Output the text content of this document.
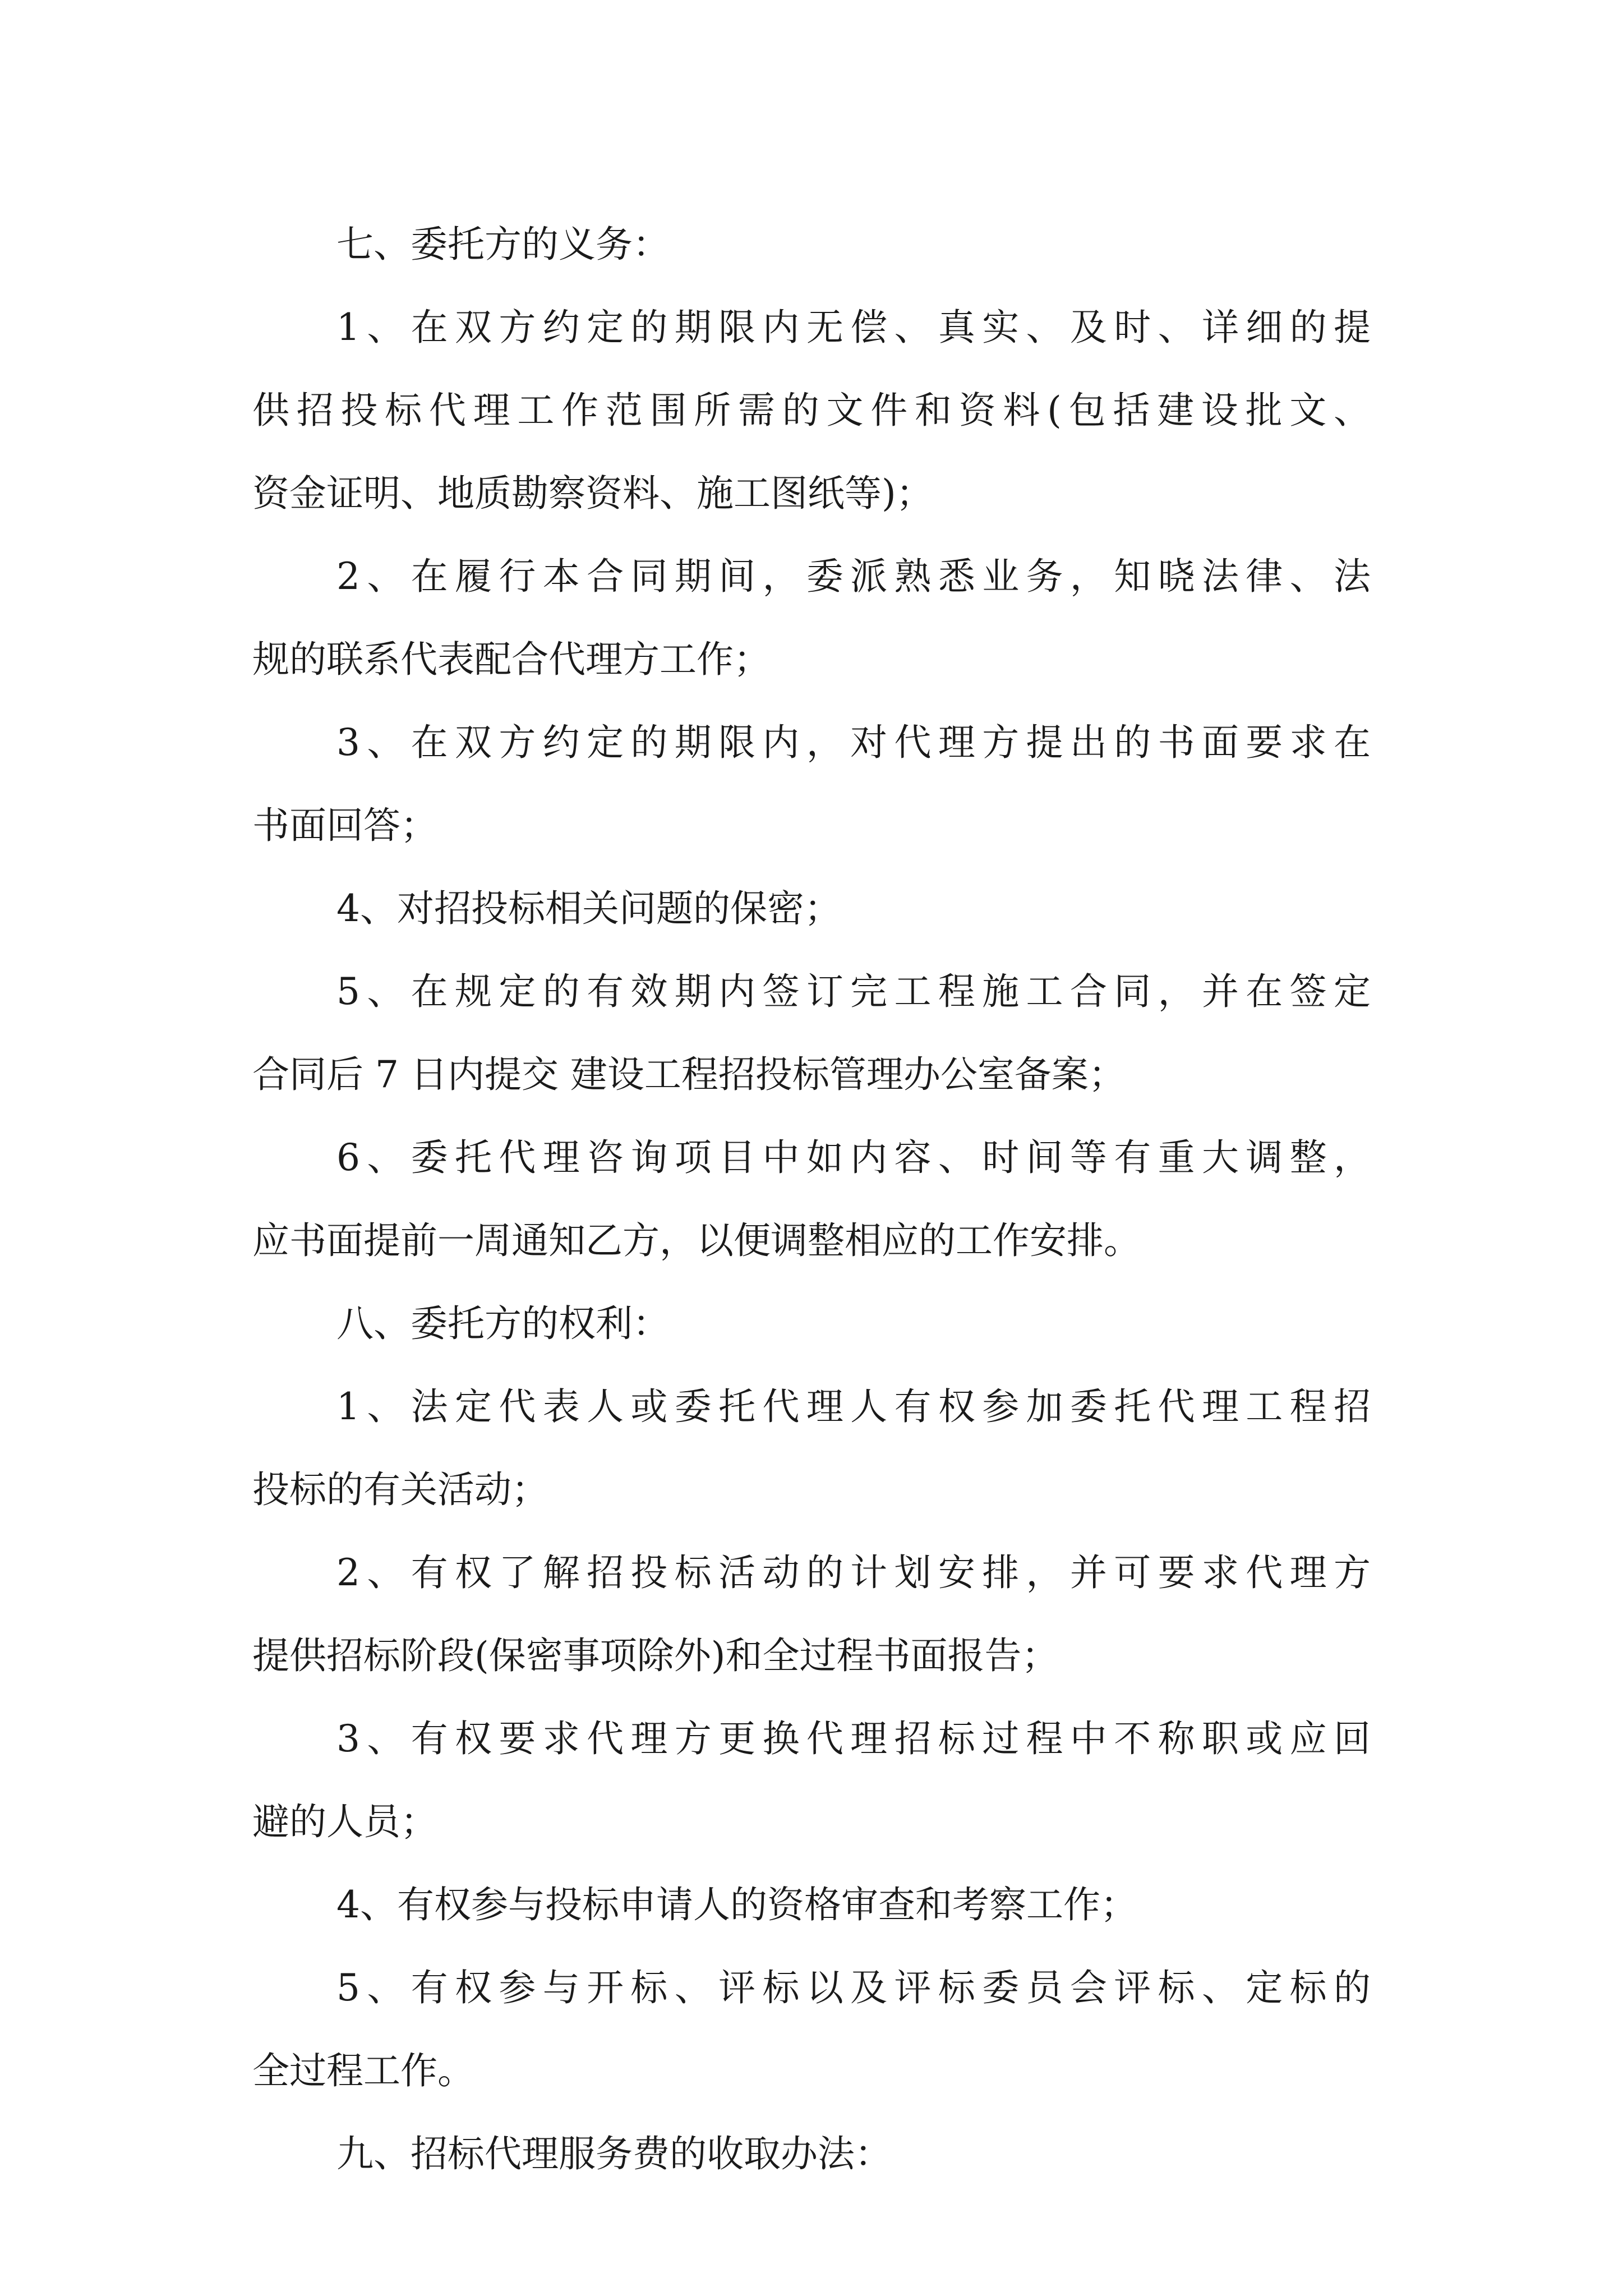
七、委托方的义务：
1、在双方约定的期限内无偿、真实、及时、详细的提
供招投标代理工作范围所需的文件和资料(包括建设批文、
资金证明、地质勘察资料、施工图纸等)；
2、在履行本合同期间，委派熟悉业务，知晓法律、法
规的联系代表配合代理方工作；
3、在双方约定的期限内，对代理方提出的书面要求在
书面回答；
4、对招投标相关问题的保密；
5、在规定的有效期内签订完工程施工合同，并在签定
合同后 7 日内提交 建设工程招投标管理办公室备案；
6、委托代理咨询项目中如内容、时间等有重大调整，
应书面提前一周通知乙方，以便调整相应的工作安排。
八、委托方的权利：
1、法定代表人或委托代理人有权参加委托代理工程招
投标的有关活动；
2、有权了解招投标活动的计划安排，并可要求代理方
提供招标阶段(保密事项除外)和全过程书面报告；
3、有权要求代理方更换代理招标过程中不称职或应回
避的人员；
4、有权参与投标申请人的资格审查和考察工作；
5、有权参与开标、评标以及评标委员会评标、定标的
全过程工作。
九、招标代理服务费的收取办法：
